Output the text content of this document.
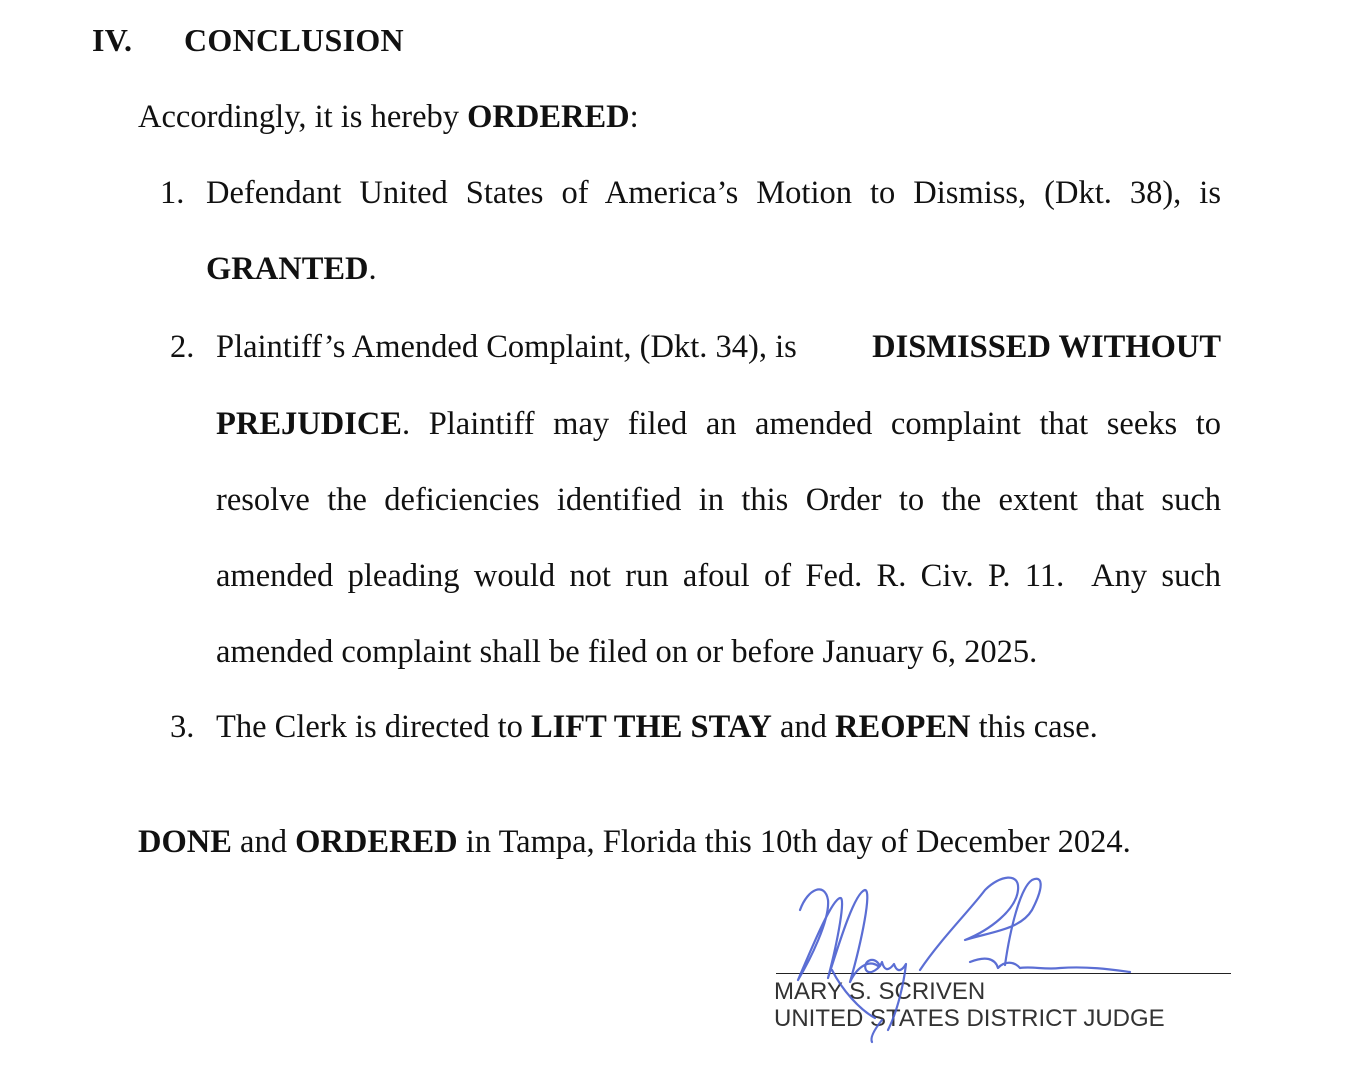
IV. CONCLUSION
Accordingly, it is hereby ORDERED:
1. Defendant United States of America’s Motion to Dismiss, (Dkt. 38), is
GRANTED.
2. Plaintiff’s Amended Complaint, (Dkt. 34), is DISMISSED WITHOUT
PREJUDICE . Plaintiff may filed an amended complaint that seeks to
resolve the deficiencies identified in this Order to the extent that such
amended pleading would not run afoul of Fed. R. Civ. P. 11.  Any such
amended complaint shall be filed on or before January 6, 2025.
3. The Clerk is directed to LIFT THE STAY and REOPEN this case.
DONE and ORDERED in Tampa, Florida this 10th day of December 2024.
MARY S. SCRIVEN
UNITED STATES DISTRICT JUDGE
